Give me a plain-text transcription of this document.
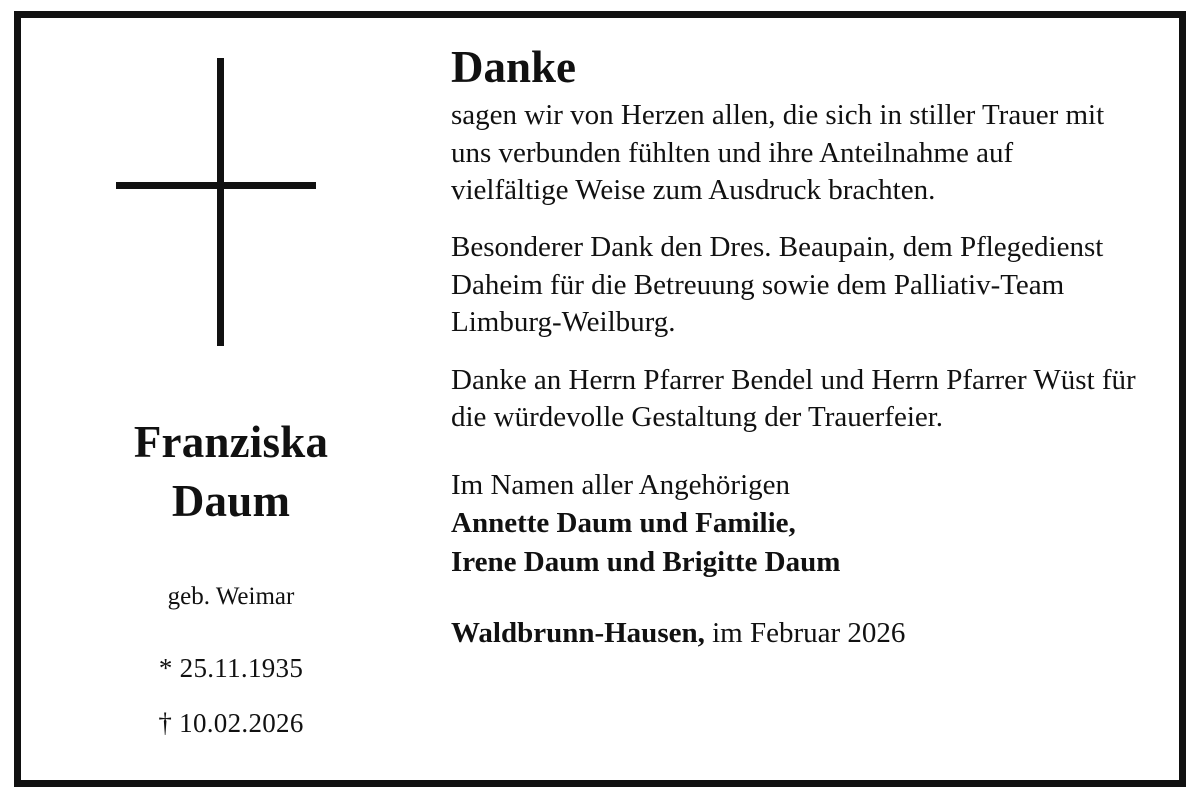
Franziska
Daum
geb. Weimar
* 25.11.1935
† 10.02.2026
Danke

sagen wir von Herzen allen, die sich in stiller Trauer mit uns verbunden fühlten und ihre Anteilnahme auf vielfältige Weise zum Ausdruck brachten.

Besonderer Dank den Dres. Beaupain, dem Pflegedienst Daheim für die Betreuung sowie dem Palliativ-Team Limburg-Weilburg.

Danke an Herrn Pfarrer Bendel und Herrn Pfarrer Wüst für die würdevolle Gestaltung der Trauerfeier.

Im Namen aller Angehörigen
Annette Daum und Familie,
Irene Daum und Brigitte Daum
Waldbrunn-Hausen, im Februar 2026
